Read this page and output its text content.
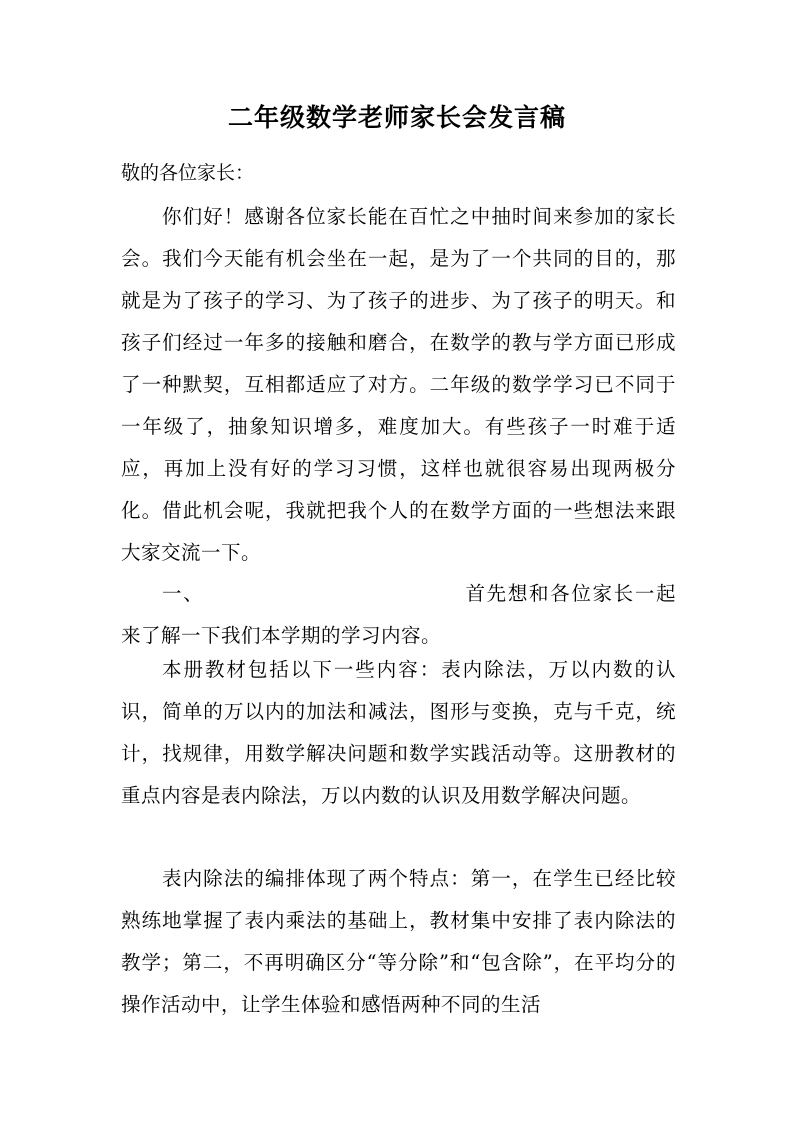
二年级数学老师家长会发言稿
敬的各位家长：
你们好！感谢各位家长能在百忙之中抽时间来参加的家长会。我们今天能有机会坐在一起，是为了一个共同的目的，那就是为了孩子的学习、为了孩子的进步、为了孩子的明天。和孩子们经过一年多的接触和磨合，在数学的教与学方面已形成了一种默契，互相都适应了对方。二年级的数学学习已不同于一年级了，抽象知识增多，难度加大。有些孩子一时难于适应，再加上没有好的学习习惯，这样也就很容易出现两极分化。借此机会呢，我就把我个人的在数学方面的一些想法来跟大家交流一下。
一、	首先想和各位家长一起来了解一下我们本学期的学习内容。
本册教材包括以下一些内容：表内除法，万以内数的认识，简单的万以内的加法和减法，图形与变换，克与千克，统计，找规律，用数学解决问题和数学实践活动等。这册教材的重点内容是表内除法，万以内数的认识及用数学解决问题。
表内除法的编排体现了两个特点：第一，在学生已经比较熟练地掌握了表内乘法的基础上，教材集中安排了表内除法的教学；第二，不再明确区分“等分除”和“包含除”，在平均分的操作活动中，让学生体验和感悟两种不同的生活
